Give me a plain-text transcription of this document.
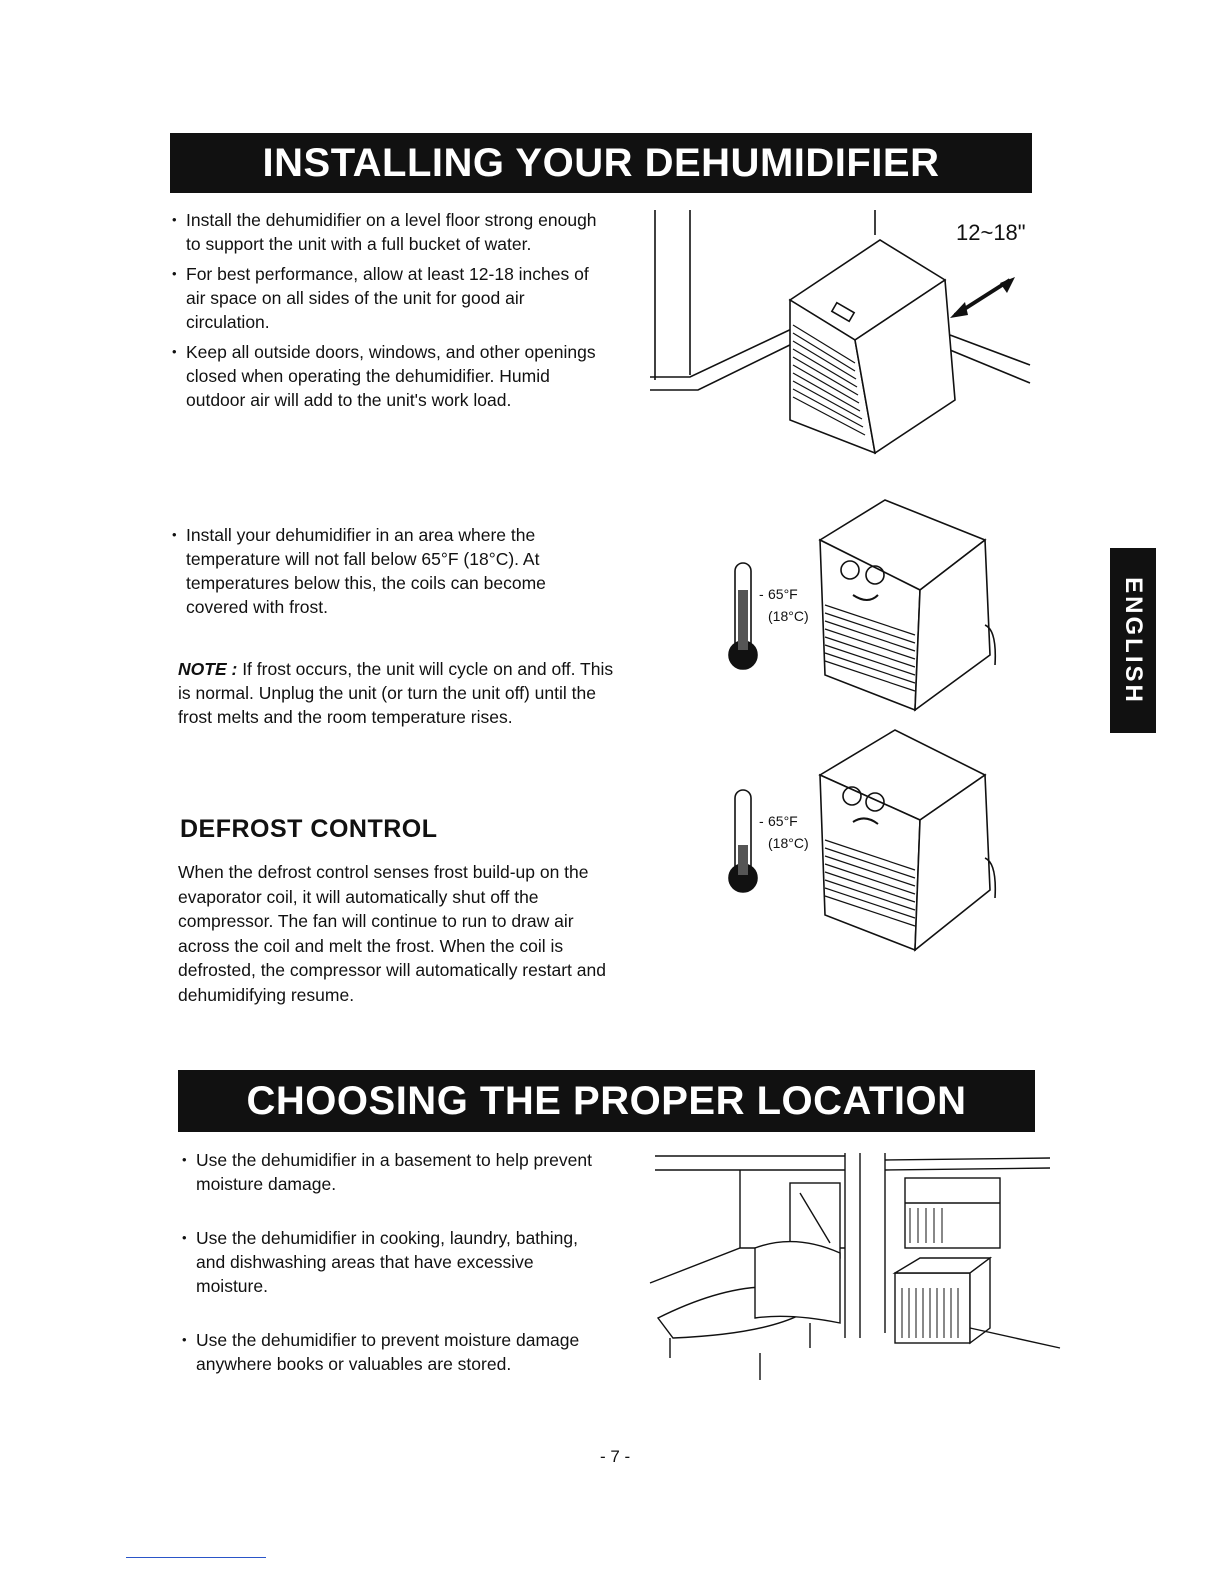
INSTALLING YOUR DEHUMIDIFIER
• Install the dehumidifier on a level floor strong enough to support the unit with a full bucket of water.
• For best performance, allow at least 12-18 inches of air space on all sides of the unit for good air circulation.
• Keep all outside doors, windows, and other openings closed when operating the dehumidifier. Humid outdoor air will add to the unit's work load.
• Install your dehumidifier in an area where the temperature will not fall below 65°F (18°C). At temperatures below this, the coils can become covered with frost.
NOTE : If frost occurs, the unit will cycle on and off. This is normal. Unplug the unit (or turn the unit off) until the frost melts and the room temperature rises.
DEFROST CONTROL
When the defrost control senses frost build-up on the evaporator coil, it will automatically shut off the compressor. The fan will continue to run to draw air across the coil and melt the frost. When the coil is defrosted, the compressor will automatically restart and dehumidifying resume.
12~18"
- 65°F
(18°C)
- 65°F
(18°C)
ENGLISH
CHOOSING THE PROPER LOCATION
• Use the dehumidifier in a basement to help prevent moisture damage.
• Use the dehumidifier in cooking, laundry, bathing, and dishwashing areas that have excessive moisture.
• Use the dehumidifier to prevent moisture damage anywhere books or valuables are stored.
- 7 -
